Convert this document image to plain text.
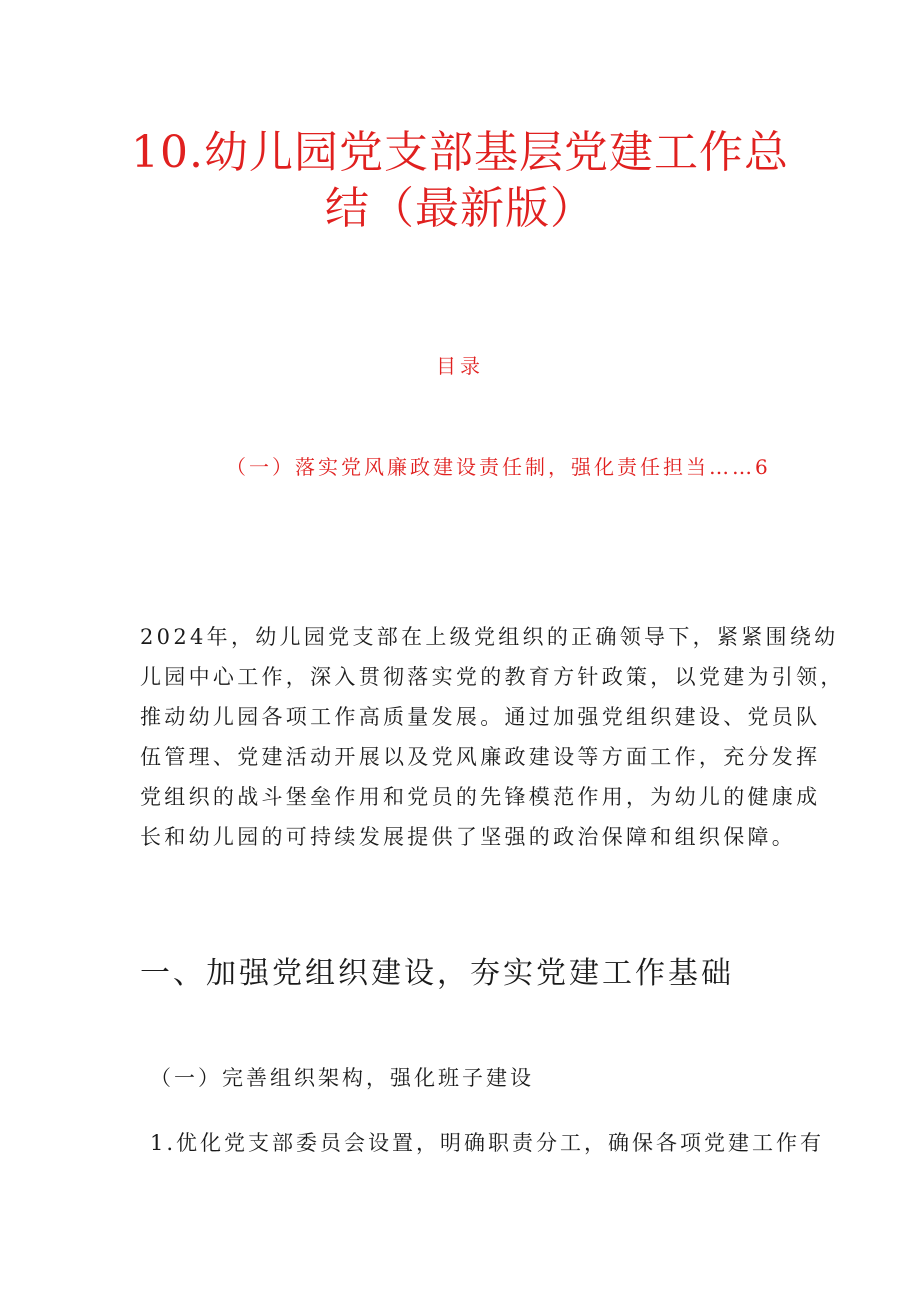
10.幼儿园党支部基层党建工作总
结（最新版）
目录
（一）落实党风廉政建设责任制，强化责任担当……6

2024年，幼儿园党支部在上级党组织的正确领导下，紧紧围绕幼
儿园中心工作，深入贯彻落实党的教育方针政策，以党建为引领，
推动幼儿园各项工作高质量发展。通过加强党组织建设、党员队
伍管理、党建活动开展以及党风廉政建设等方面工作，充分发挥
党组织的战斗堡垒作用和党员的先锋模范作用，为幼儿的健康成
长和幼儿园的可持续发展提供了坚强的政治保障和组织保障。

一、加强党组织建设，夯实党建工作基础
（一）完善组织架构，强化班子建设

1.优化党支部委员会设置，明确职责分工，确保各项党建工作有
